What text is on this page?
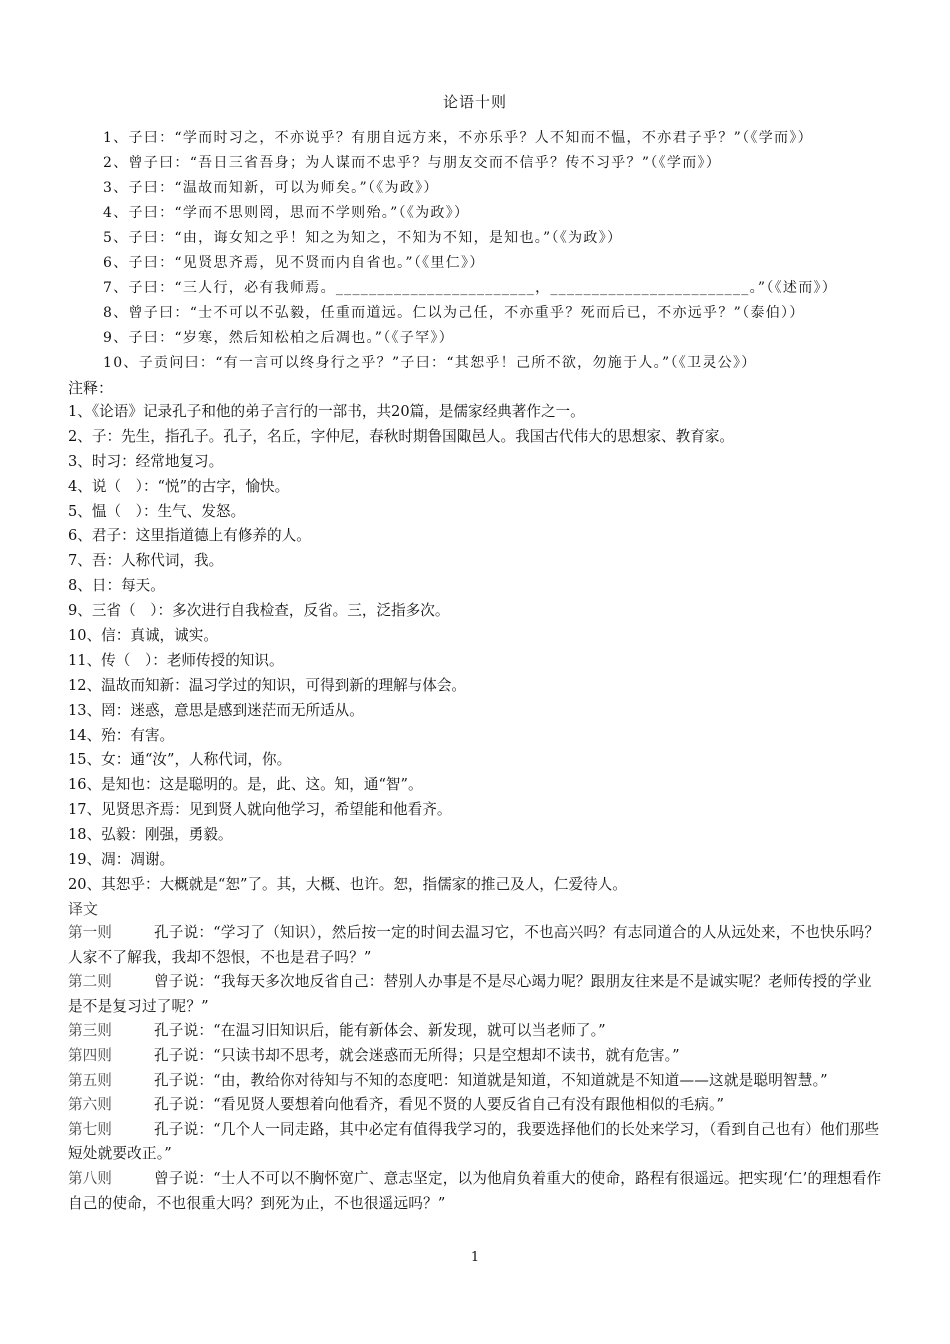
论语十则
1、子曰：“学而时习之，不亦说乎？有朋自远方来，不亦乐乎？人不知而不愠，不亦君子乎？”（《学而》）
2、曾子曰：“吾日三省吾身；为人谋而不忠乎？与朋友交而不信乎？传不习乎？”（《学而》）
3、子曰：“温故而知新，可以为师矣。”（《为政》）
4、子曰：“学而不思则罔，思而不学则殆。”（《为政》）
5、子曰：“由，诲女知之乎！知之为知之，不知为不知，是知也。”（《为政》）
6、子曰：“见贤思齐焉，见不贤而内自省也。”（《里仁》）
7、子曰：“三人行，必有我师焉。________________________，________________________。”（《述而》）
8、曾子曰：“士不可以不弘毅，任重而道远。仁以为己任，不亦重乎？死而后已，不亦远乎？”（泰伯））
9、子曰：“岁寒，然后知松柏之后凋也。”（《子罕》）
10、子贡问曰：“有一言可以终身行之乎？”子曰：“其恕乎！己所不欲，勿施于人。”（《卫灵公》）
注释：
1、《论语》记录孔子和他的弟子言行的一部书，共20篇，是儒家经典著作之一。
2、子：先生，指孔子。孔子，名丘，字仲尼，春秋时期鲁国陬邑人。我国古代伟大的思想家、教育家。
3、时习：经常地复习。
4、说（　）：“悦”的古字，愉快。
5、愠（　）：生气、发怒。
6、君子：这里指道德上有修养的人。
7、吾：人称代词，我。
8、日：每天。
9、三省（　）：多次进行自我检查，反省。三，泛指多次。
10、信：真诚，诚实。
11、传（　）：老师传授的知识。
12、温故而知新：温习学过的知识，可得到新的理解与体会。
13、罔：迷惑，意思是感到迷茫而无所适从。
14、殆：有害。
15、女：通“汝”，人称代词，你。
16、是知也：这是聪明的。是，此、这。知，通“智”。
17、见贤思齐焉：见到贤人就向他学习，希望能和他看齐。
18、弘毅：刚强，勇毅。
19、凋：凋谢。
20、其恕乎：大概就是“恕”了。其，大概、也许。恕，指儒家的推己及人，仁爱待人。
译文
第一则	孔子说：“学习了（知识），然后按一定的时间去温习它，不也高兴吗？有志同道合的人从远处来，不也快乐吗？人家不了解我，我却不怨恨，不也是君子吗？”
第二则	曾子说：“我每天多次地反省自己：替别人办事是不是尽心竭力呢？跟朋友往来是不是诚实呢？老师传授的学业是不是复习过了呢？”
第三则	孔子说：“在温习旧知识后，能有新体会、新发现，就可以当老师了。”
第四则	孔子说：“只读书却不思考，就会迷惑而无所得；只是空想却不读书，就有危害。”
第五则	孔子说：“由，教给你对待知与不知的态度吧：知道就是知道，不知道就是不知道——这就是聪明智慧。”
第六则	孔子说：“看见贤人要想着向他看齐，看见不贤的人要反省自己有没有跟他相似的毛病。”
第七则	孔子说：“几个人一同走路，其中必定有值得我学习的，我要选择他们的长处来学习，（看到自己也有）他们那些短处就要改正。”
第八则	曾子说：“士人不可以不胸怀宽广、意志坚定，以为他肩负着重大的使命，路程有很遥远。把实现‘仁’的理想看作自己的使命，不也很重大吗？到死为止，不也很遥远吗？”
1
